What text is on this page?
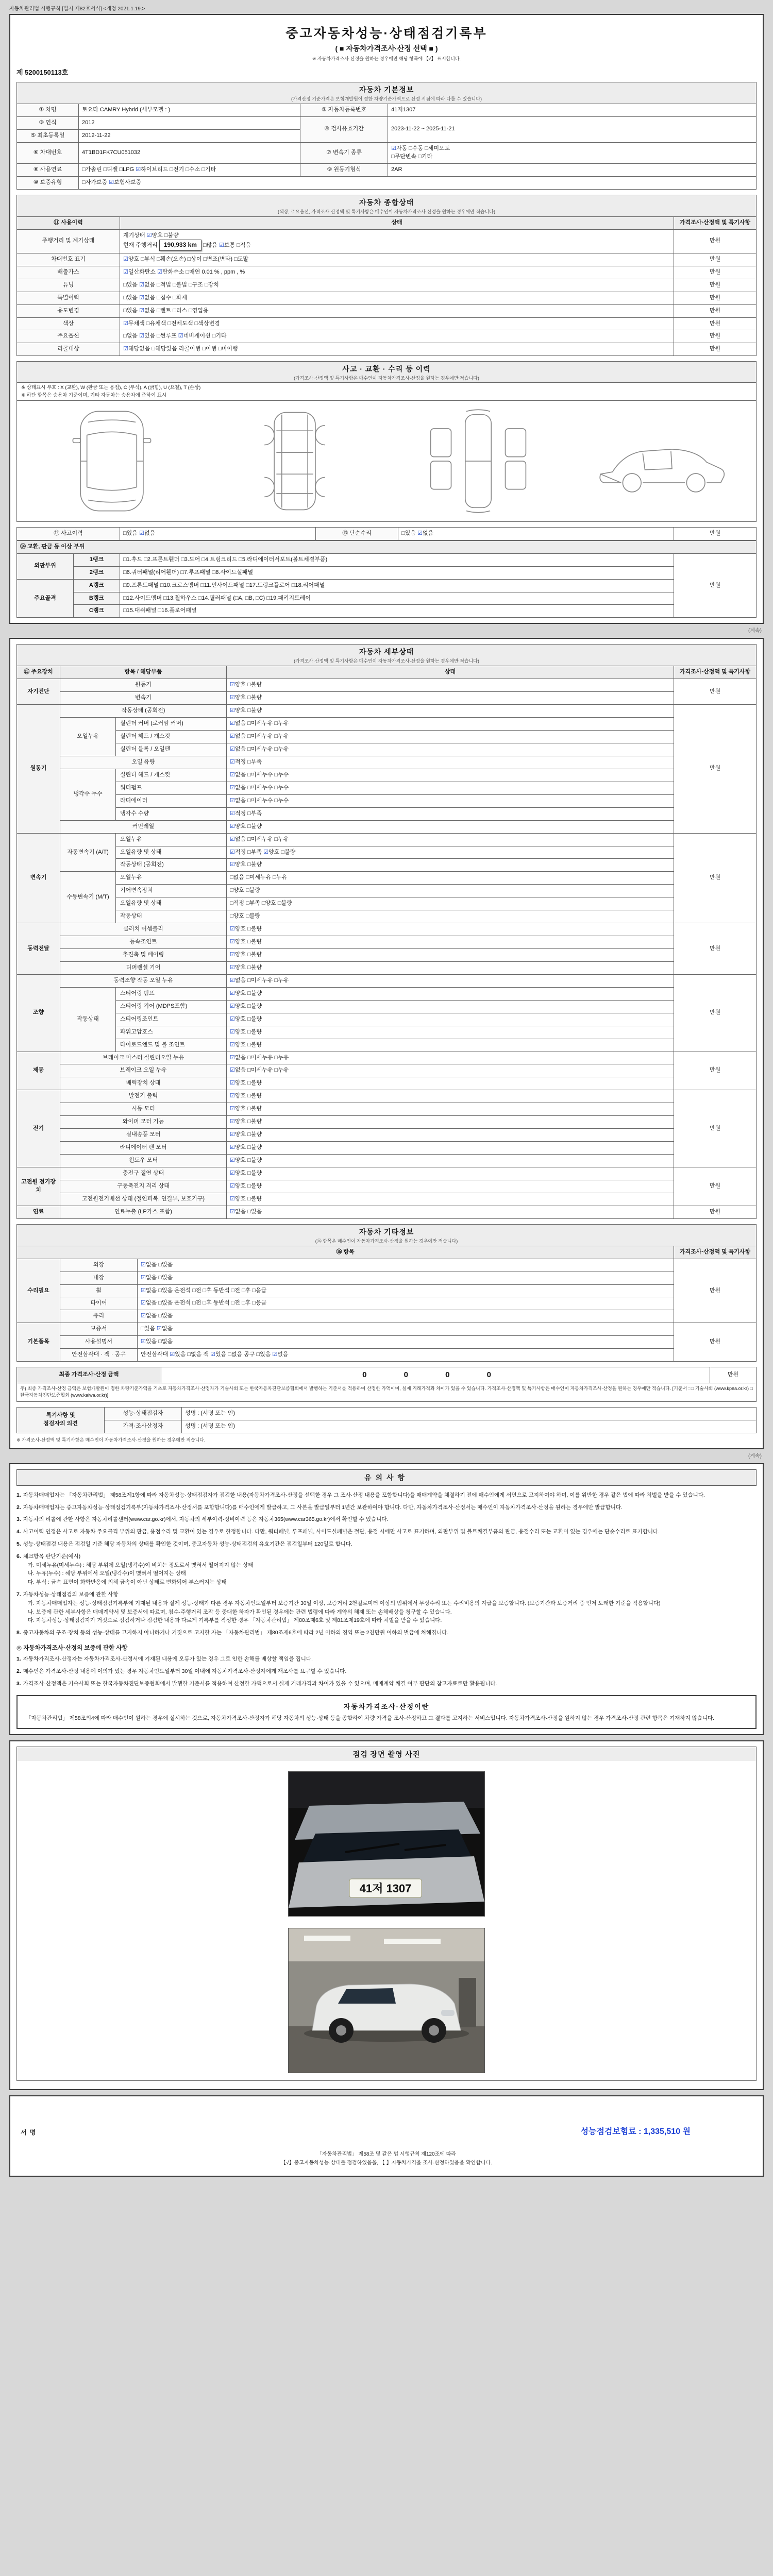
자동차관리법 시행규칙 [별지 제82호서식] <개정 2021.1.19.>
중고자동차성능·상태점검기록부
( ■ 자동차가격조사·산정 선택 ■ )
※ 자동차가격조사·산정을 원하는 경우에만 해당 항목에 【√】 표시합니다.
제 5200150113호
자동차 기본정보
(가격산정 기준가격은 보험개발원이 정한 차량기준가액으로 산정 시점에 따라 다를 수 있습니다)
① 차명	토요타 CAMRY Hybrid (세부모델 : )	② 자동차등록번호	41저1307
③ 연식	2012	④ 검사유효기간	2023-11-22 ~ 2025-11-21
⑤ 최초등록일	2012-11-22		
⑥ 차대번호	4T1BD1FK7CU051032	⑦ 변속기 종류	☑자동 □수동 □세미오토
□무단변속 □기타
⑧ 사용연료	□가솔린 □디젤 □LPG ☑하이브리드 □전기 □수소 □기타	⑨ 원동기형식	2AR
⑩ 보증유형	□자가보증 ☑보험사보증		
자동차 종합상태
(색상, 주요옵션, 가격조사·산정액 및 특기사항은 매수인이 자동차가격조사·산정을 원하는 경우에만 적습니다)
⑪ 사용이력	상태	가격조사·산정액 및 특기사항
주행거리 및 계기상태	계기상태 ☑양호 □불량
현재 주행거리 190,933 km □많음 ☑보통 □적음	만원
차대번호 표기	☑양호 □부식 □훼손(오손) □상이 □변조(변타) □도말	만원
배출가스	☑일산화탄소 ☑탄화수소 □매연 0.01 % , ppm , %	만원
튜닝	□있음 ☑없음 □적법 □불법 □구조 □장치	만원
특별이력	□있음 ☑없음 □침수 □화재	만원
용도변경	□있음 ☑없음 □렌트 □리스 □영업용	만원
색상	☑무채색 □유채색 □전체도색 □색상변경	만원
주요옵션	□없음 ☑있음 □썬루프 ☑네비게이션 □기타	만원
리콜대상	☑해당없음 □해당있음 리콜이행 □이행 □미이행	만원
사고 · 교환 · 수리 등 이력
(가격조사·산정액 및 특기사항은 매수인이 자동차가격조사·산정을 원하는 경우에만 적습니다)
※ 상태표시 부호 : X (교환), W (판금 또는 용접), C (부식), A (긁힘), U (요철), T (손상)
※ 하단 항목은 승용차 기준이며, 기타 자동차는 승용차에 준하여 표시
⑫ 사고이력	□있음 ☑없음	⑬ 단순수리	□있음 ☑없음	만원
⑭ 교환, 판금 등 이상 부위			
외판부위	1랭크	□1.후드 □2.프론트휀더 □3.도어 □4.트렁크리드 □5.라디에이터서포트(볼트체결부품)	만원
	2랭크	□6.쿼터패널(리어휀더) □7.루프패널 □8.사이드실패널	
주요골격	A랭크	□9.프론트패널 □10.크로스멤버 □11.인사이드패널 □17.트렁크플로어 □18.리어패널	
	B랭크	□12.사이드멤버 □13.휠하우스 □14.필러패널 (□A, □B, □C) □19.패키지트레이	
	C랭크	□15.대쉬패널 □16.플로어패널	
(계속)
자동차 세부상태
(가격조사·산정액 및 특기사항은 매수인이 자동차가격조사·산정을 원하는 경우에만 적습니다)
⑮ 주요장치	항목 / 해당부품		상태	가격조사·산정액 및 특기사항
자기진단	원동기		☑양호 □불량	만원
	변속기		☑양호 □불량	
원동기	작동상태 (공회전)		☑양호 □불량	만원
	오일누유	실린더 커버 (로커암 커버)	☑없음 □미세누유 □누유	
		실린더 헤드 / 개스킷	☑없음 □미세누유 □누유	
		실린더 블록 / 오일팬	☑없음 □미세누유 □누유	
	오일 유량		☑적정 □부족	
	냉각수 누수	실린더 헤드 / 개스킷	☑없음 □미세누수 □누수	
		워터펌프	☑없음 □미세누수 □누수	
		라디에이터	☑없음 □미세누수 □누수	
		냉각수 수량	☑적정 □부족	
	커먼레일		☑양호 □불량	
변속기	자동변속기 (A/T)	오일누유	☑없음 □미세누유 □누유	만원
		오일유량 및 상태	☑적정 □부족 ☑양호 □불량	
		작동상태 (공회전)	☑양호 □불량	
	수동변속기 (M/T)	오일누유	□없음 □미세누유 □누유	
		기어변속장치	□양호 □불량	
		오일유량 및 상태	□적정 □부족 □양호 □불량	
		작동상태	□양호 □불량	
동력전달	클러치 어셈블리		☑양호 □불량	만원
	등속조인트		☑양호 □불량	
	추진축 및 베어링		☑양호 □불량	
	디퍼렌셜 기어		☑양호 □불량	
조향	동력조향 작동 오일 누유		☑없음 □미세누유 □누유	만원
	작동상태	스티어링 펌프	☑양호 □불량	
		스티어링 기어 (MDPS포함)	☑양호 □불량	
		스티어링조인트	☑양호 □불량	
		파워고압호스	☑양호 □불량	
		타이로드엔드 및 볼 조인트	☑양호 □불량	
제동	브레이크 마스터 실린더오일 누유		☑없음 □미세누유 □누유	만원
	브레이크 오일 누유		☑없음 □미세누유 □누유	
	배력장치 상태		☑양호 □불량	
전기	발전기 출력		☑양호 □불량	만원
	시동 모터		☑양호 □불량	
	와이퍼 모터 기능		☑양호 □불량	
	실내송풍 모터		☑양호 □불량	
	라디에이터 팬 모터		☑양호 □불량	
	윈도우 모터		☑양호 □불량	
고전원 전기장치	충전구 절연 상태		☑양호 □불량	만원
	구동축전지 격리 상태		☑양호 □불량	
	고전원전기배선 상태 (절연피복, 연결부, 보호기구)		☑양호 □불량	
연료	연료누출 (LP가스 포함)		☑없음 □있음	만원
자동차 기타정보
(⑯ 항목은 매수인이 자동차가격조사·산정을 원하는 경우에만 적습니다)
⑯ 항목			가격조사·산정액 및 특기사항
수리필요	외장	☑없음 □있음	만원
	내장	☑없음 □있음	
	휠	☑없음 □있음 운전석 □전 □후 동반석 □전 □후 □응급	
	타이어	☑없음 □있음 운전석 □전 □후 동반석 □전 □후 □응급	
	유리	☑없음 □있음	
기본품목	보증서	□있음 ☑없음	만원
	사용설명서	☑있음 □없음	
	안전삼각대 · 잭 · 공구	안전삼각대 ☑있음 □없음 잭 ☑있음 □없음 공구 □있음 ☑없음	
최종 가격조사·산정 금액	0 0 0 0	만원
주) 최종 가격조사·산정 금액은 보험개발원이 정한 차량기준가액을 기초로 자동차가격조사·산정자가 기술사회 또는 한국자동차진단보증협회에서 발행하는 기준서를 적용하여 산정한 가액이며, 실제 거래가격과 차이가 있을 수 있습니다. 가격조사·산정액 및 특기사항은 매수인이 자동차가격조사·산정을 원하는 경우에만 적습니다. [기준서 : □ 기술사회 (www.kpea.or.kr) □ 한국자동차진단보증협회 (www.kaiwa.or.kr)]
특기사항 및
점검자의 의견	성능·상태점검자	성명 : (서명 또는 인)
	가격·조사산정자	성명 : (서명 또는 인)
※ 가격조사·산정액 및 특기사항은 매수인이 자동차가격조사·산정을 원하는 경우에만 적습니다.
(계속)
유의사항
1. 자동차매매업자는 「자동차관리법」 제58조제1항에 따라 자동차성능·상태점검자가 점검한 내용(자동차가격조사·산정을 선택한 경우 그 조사·산정 내용을 포함합니다)을 매매계약을 체결하기 전에 매수인에게 서면으로 고지하여야 하며, 이를 위반한 경우 같은 법에 따라 처벌을 받을 수 있습니다.
2. 자동차매매업자는 중고자동차성능·상태점검기록부(자동차가격조사·산정서를 포함합니다)를 매수인에게 발급하고, 그 사본을 발급일부터 1년간 보관하여야 합니다. 다만, 자동차가격조사·산정서는 매수인이 자동차가격조사·산정을 원하는 경우에만 발급합니다.
3. 자동차의 리콜에 관한 사항은 자동차리콜센터(www.car.go.kr)에서, 자동차의 세부이력·정비이력 등은 자동차365(www.car365.go.kr)에서 확인할 수 있습니다.
4. 사고이력 인정은 사고로 자동차 주요골격 부위의 판금, 용접수리 및 교환이 있는 경우로 한정합니다. 다만, 쿼터패널, 루프패널, 사이드실패널은 절단, 용접 시에만 사고로 표기하며, 외판부위 및 볼트체결부품의 판금, 용접수리 또는 교환이 있는 경우에는 단순수리로 표기합니다.
5. 성능·상태점검 내용은 점검일 기준 해당 자동차의 상태를 확인한 것이며, 중고자동차 성능·상태점검의 유효기간은 점검일부터 120일로 합니다.
6. 체크항목 판단기준(예시)
가. 미세누유(미세누수) : 해당 부위에 오일(냉각수)이 비치는 정도로서 맺혀서 떨어지지 않는 상태
나. 누유(누수) : 해당 부위에서 오일(냉각수)이 맺혀서 떨어지는 상태
다. 부식 : 금속 표면이 화학반응에 의해 금속이 아닌 상태로 변화되어 부스러지는 상태
7. 자동차성능·상태점검의 보증에 관한 사항
가. 자동차매매업자는 성능·상태점검기록부에 기재된 내용과 실제 성능·상태가 다른 경우 자동차인도일부터 보증기간 30일 이상, 보증거리 2천킬로미터 이상의 범위에서 무상수리 또는 수리비용의 지급을 보증합니다. (보증기간과 보증거리 중 먼저 도래한 기준을 적용합니다)
나. 보증에 관한 세부사항은 매매계약서 및 보증서에 따르며, 침수·주행거리 조작 등 중대한 하자가 확인된 경우에는 관련 법령에 따라 계약의 해제 또는 손해배상을 청구할 수 있습니다.
다. 자동차성능·상태점검자가 거짓으로 점검하거나 점검한 내용과 다르게 기록부를 작성한 경우 「자동차관리법」 제80조제6호 및 제81조제19호에 따라 처벌을 받을 수 있습니다.
8. 중고자동차의 구조·장치 등의 성능·상태를 고지하지 아니하거나 거짓으로 고지한 자는 「자동차관리법」 제80조제6호에 따라 2년 이하의 징역 또는 2천만원 이하의 벌금에 처해집니다.
◎ 자동차가격조사·산정의 보증에 관한 사항
1. 자동차가격조사·산정자는 자동차가격조사·산정서에 기재된 내용에 오류가 있는 경우 그로 인한 손해를 배상할 책임을 집니다.
2. 매수인은 가격조사·산정 내용에 이의가 있는 경우 자동차인도일부터 30일 이내에 자동차가격조사·산정자에게 재조사를 요구할 수 있습니다.
3. 가격조사·산정액은 기술사회 또는 한국자동차진단보증협회에서 발행한 기준서를 적용하여 산정한 가액으로서 실제 거래가격과 차이가 있을 수 있으며, 매매계약 체결 여부 판단의 참고자료로만 활용됩니다.
자동차가격조사·산정이란
「자동차관리법」 제58조의4에 따라 매수인이 원하는 경우에 실시하는 것으로, 자동차가격조사·산정자가 해당 자동차의 성능·상태 등을 종합하여 차량 가격을 조사·산정하고 그 결과를 고지하는 서비스입니다. 자동차가격조사·산정을 원하지 않는 경우 가격조사·산정 관련 항목은 기재하지 않습니다.
점검 장면 촬영 사진
41저 1307
서명	성능점검보험료 : 1,335,510 원
「자동차관리법」 제58조 및 같은 법 시행규칙 제120조에 따라
【√】중고자동차성능·상태를 점검하였음을, 【 】자동차가격을 조사·산정하였음을 확인합니다.
